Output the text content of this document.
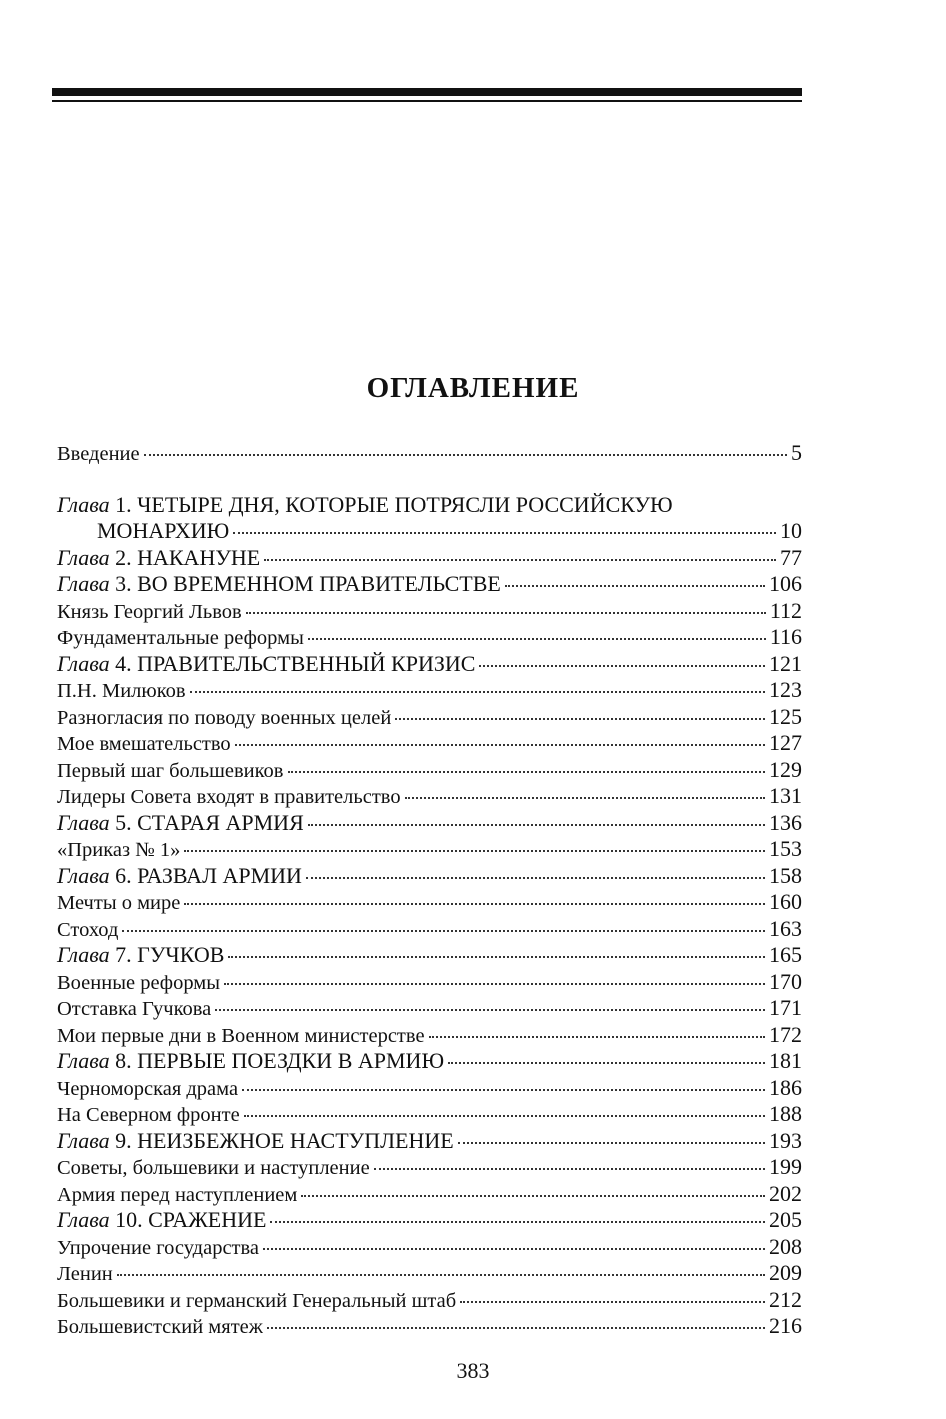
ОГЛАВЛЕНИЕ
Введение	5
Глава 1. ЧЕТЫРЕ ДНЯ, КОТОРЫЕ ПОТРЯСЛИ РОССИЙСКУЮ
МОНАРХИЮ	10
Глава 2. НАКАНУНЕ	77
Глава 3. ВО ВРЕМЕННОМ ПРАВИТЕЛЬСТВЕ	106
Князь Георгий Львов	112
Фундаментальные реформы	116
Глава 4. ПРАВИТЕЛЬСТВЕННЫЙ КРИЗИС	121
П.Н. Милюков	123
Разногласия по поводу военных целей	125
Мое вмешательство	127
Первый шаг большевиков	129
Лидеры Совета входят в правительство	131
Глава 5. СТАРАЯ АРМИЯ	136
«Приказ № 1»	153
Глава 6. РАЗВАЛ АРМИИ	158
Мечты о мире	160
Стоход	163
Глава 7. ГУЧКОВ	165
Военные реформы	170
Отставка Гучкова	171
Мои первые дни в Военном министерстве	172
Глава 8. ПЕРВЫЕ ПОЕЗДКИ В АРМИЮ	181
Черноморская драма	186
На Северном фронте	188
Глава 9. НЕИЗБЕЖНОЕ НАСТУПЛЕНИЕ	193
Советы, большевики и наступление	199
Армия перед наступлением	202
Глава 10. СРАЖЕНИЕ	205
Упрочение государства	208
Ленин	209
Большевики и германский Генеральный штаб	212
Большевистский мятеж	216
383
